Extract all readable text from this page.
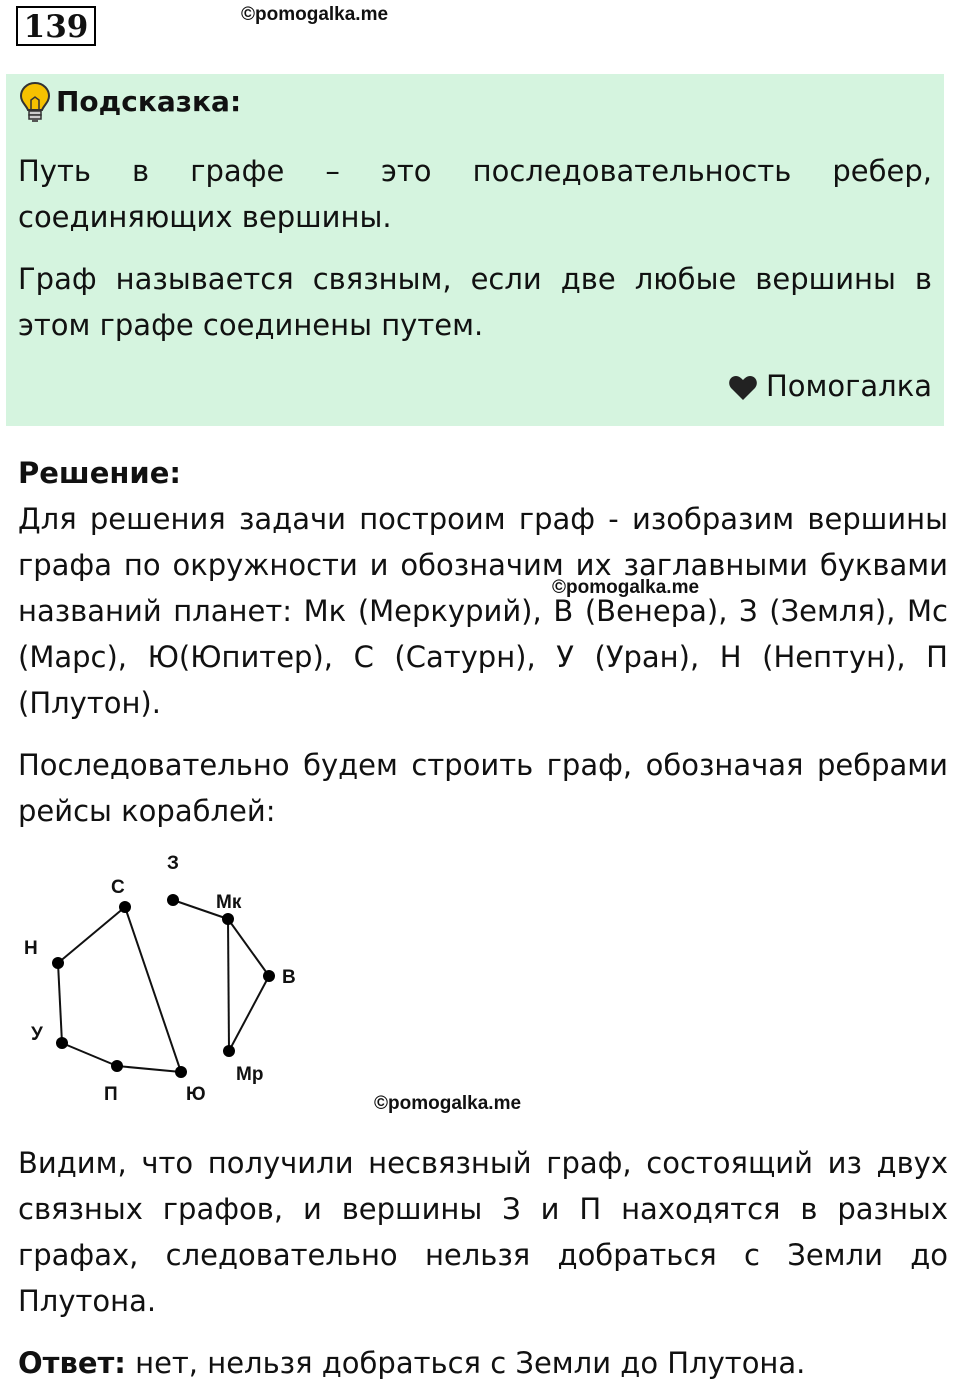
139	©pomogalka.me
Подсказка:

Путь в графе – это последовательность ребер, соединяющих вершины.

Граф называется связным, если две любые вершины в этом графе соединены путем.

Помогалка
Решение:

Для решения задачи построим граф - изобразим вершины графа по окружности и обозначим их заглавными буквами названий планет: Мк (Меркурий), В (Венера), З (Земля), Мс (Марс), Ю(Юпитер), С (Сатурн), У (Уран), Н (Нептун), П (Плутон).

©pomogalka.me

Последовательно будем строить граф, обозначая ребрами рейсы кораблей:

З
С
Мк
Н
В
У
Мр
П	Ю	©pomogalka.me

Видим, что получили несвязный граф, состоящий из двух связных графов, и вершины З и П находятся в разных графах, следовательно нельзя добраться с Земли до Плутона.

Ответ: нет, нельзя добраться с Земли до Плутона.
